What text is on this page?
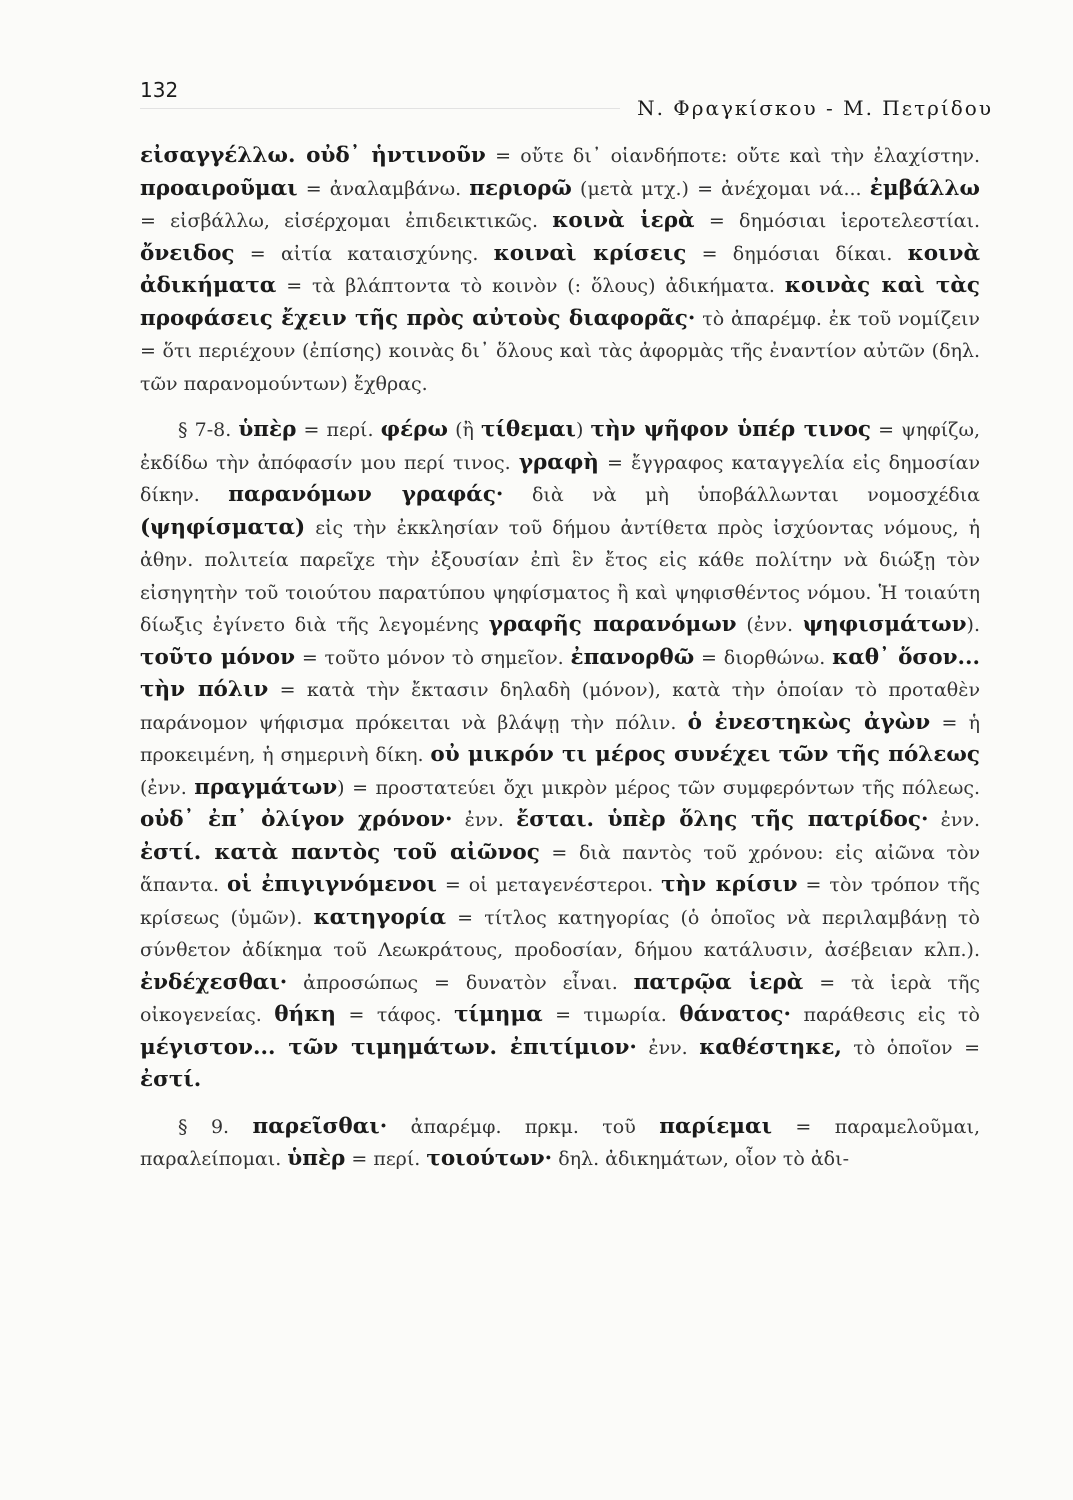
132
Ν. Φραγκίσκου - Μ. Πετρίδου

εἰσαγγέλλω. οὐδ᾽ ἡντινοῦν = οὔτε δι᾽ οἱανδήποτε: οὔτε καὶ τὴν ἐλαχίστην. προαιροῦμαι = ἀναλαμβάνω. περιορῶ (μετὰ μτχ.) = ἀνέχομαι νά... ἐμβάλλω = εἰσβάλλω, εἰσέρχομαι ἐπιδεικτικῶς. κοινὰ ἱερὰ = δημόσιαι ἱεροτελεστίαι. ὄνειδος = αἰτία καταισχύνης. κοιναὶ κρίσεις = δημόσιαι δίκαι. κοινὰ ἀδικήματα = τὰ βλάπτοντα τὸ κοινὸν (: ὅλους) ἀδικήματα. κοινὰς καὶ τὰς προφάσεις ἔχειν τῆς πρὸς αὐτοὺς διαφορᾶς· τὸ ἀπαρέμφ. ἐκ τοῦ νομίζειν = ὅτι περιέχουν (ἐπίσης) κοινὰς δι᾽ ὅλους καὶ τὰς ἀφορμὰς τῆς ἐναντίον αὐτῶν (δηλ. τῶν παρανομούντων) ἔχθρας.

§ 7-8. ὑπὲρ = περί. φέρω (ἢ τίθεμαι) τὴν ψῆφον ὑπέρ τινος = ψηφίζω, ἐκδίδω τὴν ἀπόφασίν μου περί τινος. γραφὴ = ἔγγραφος καταγγελία εἰς δημοσίαν δίκην. παρανόμων γραφάς· διὰ νὰ μὴ ὑποβάλλωνται νομοσχέδια (ψηφίσματα) εἰς τὴν ἐκκλησίαν τοῦ δήμου ἀντίθετα πρὸς ἰσχύοντας νόμους, ἡ ἀθην. πολιτεία παρεῖχε τὴν ἐξουσίαν ἐπὶ ἓν ἔτος εἰς κάθε πολίτην νὰ διώξῃ τὸν εἰσηγητὴν τοῦ τοιούτου παρατύπου ψηφίσματος ἢ καὶ ψηφισθέντος νόμου. Ἡ τοιαύτη δίωξις ἐγίνετο διὰ τῆς λεγομένης γραφῆς παρανόμων (ἐνν. ψηφισμάτων). τοῦτο μόνον = τοῦτο μόνον τὸ σημεῖον. ἐπανορθῶ = διορθώνω. καθ᾽ ὅσον... τὴν πόλιν = κατὰ τὴν ἔκτασιν δηλαδὴ (μόνον), κατὰ τὴν ὁποίαν τὸ προταθὲν παράνομον ψήφισμα πρόκειται νὰ βλάψῃ τὴν πόλιν. ὁ ἐνεστηκὼς ἀγὼν = ἡ προκειμένη, ἡ σημερινὴ δίκη. οὐ μικρόν τι μέρος συνέχει τῶν τῆς πόλεως (ἐνν. πραγμάτων) = προστατεύει ὄχι μικρὸν μέρος τῶν συμφερόντων τῆς πόλεως. οὐδ᾽ ἐπ᾽ ὀλίγον χρόνον· ἐνν. ἔσται. ὑπὲρ ὅλης τῆς πατρίδος· ἐνν. ἐστί. κατὰ παντὸς τοῦ αἰῶνος = διὰ παντὸς τοῦ χρόνου: εἰς αἰῶνα τὸν ἅπαντα. οἱ ἐπιγιγνόμενοι = οἱ μεταγενέστεροι. τὴν κρίσιν = τὸν τρόπον τῆς κρίσεως (ὑμῶν). κατηγορία = τίτλος κατηγορίας (ὁ ὁποῖος νὰ περιλαμβάνῃ τὸ σύνθετον ἀδίκημα τοῦ Λεωκράτους, προδοσίαν, δήμου κατάλυσιν, ἀσέβειαν κλπ.). ἐνδέχεσθαι· ἀπροσώπως = δυνατὸν εἶναι. πατρῷα ἱερὰ = τὰ ἱερὰ τῆς οἰκογενείας. θήκη = τάφος. τίμημα = τιμωρία. θάνατος· παράθεσις εἰς τὸ μέγιστον... τῶν τιμημάτων. ἐπιτίμιον· ἐνν. καθέστηκε, τὸ ὁποῖον = ἐστί.

§ 9. παρεῖσθαι· ἀπαρέμφ. πρκμ. τοῦ παρίεμαι = παραμελοῦμαι, παραλείπομαι. ὑπὲρ = περί. τοιούτων· δηλ. ἀδικημάτων, οἷον τὸ ἀδι-
